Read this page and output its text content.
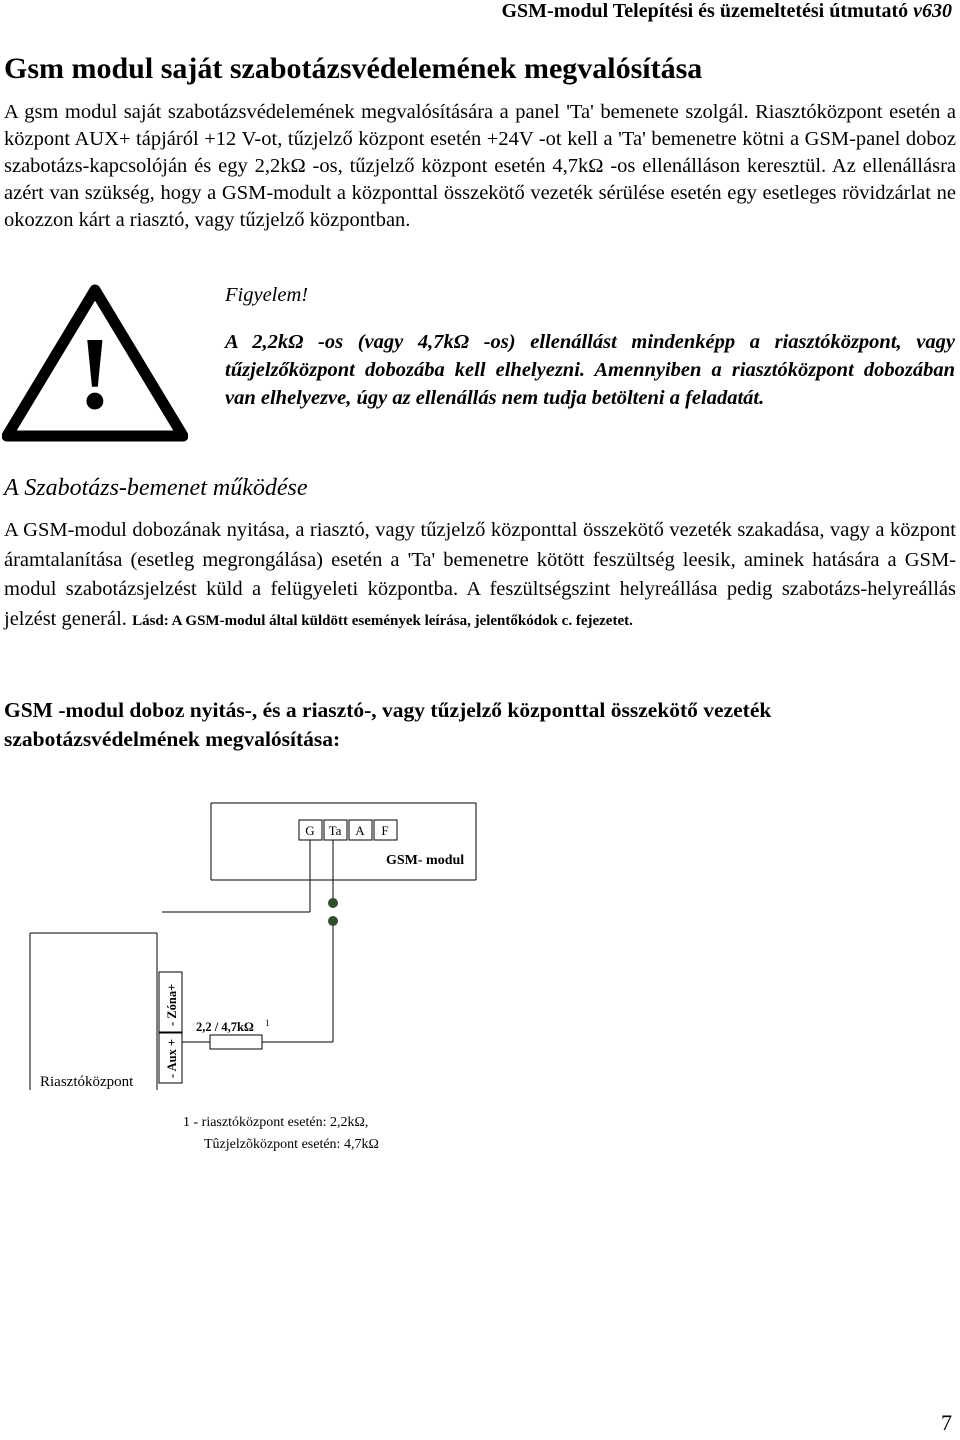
GSM-modul Telepítési és üzemeltetési útmutató v630
Gsm modul saját szabotázsvédelemének megvalósítása
A gsm modul saját szabotázsvédelemének megvalósítására a panel 'Ta' bemenete szolgál. Riasztóközpont esetén a központ AUX+ tápjáról +12 V-ot, tűzjelző központ esetén +24V -ot kell a 'Ta' bemenetre kötni a GSM-panel doboz szabotázs-kapcsolóján és egy 2,2kΩ -os, tűzjelző központ esetén 4,7kΩ -os ellenálláson keresztül. Az ellenállásra azért van szükség, hogy a GSM-modult a központtal összekötő vezeték sérülése esetén egy esetleges rövidzárlat ne okozzon kárt a riasztó, vagy tűzjelző központban.
!
Figyelem!
A 2,2kΩ -os (vagy 4,7kΩ -os) ellenállást mindenképp a riasztóközpont, vagy tűzjelzőközpont dobozába kell elhelyezni. Amennyiben a riasztóközpont dobozában van elhelyezve, úgy az ellenállás nem tudja betölteni a feladatát.
A Szabotázs-bemenet működése
A GSM-modul dobozának nyitása, a riasztó, vagy tűzjelző központtal összekötő vezeték szakadása, vagy a központ áramtalanítása (esetleg megrongálása) esetén a 'Ta' bemenetre kötött feszültség leesik, aminek hatására a GSM-modul szabotázsjelzést küld a felügyeleti központba. A feszültségszint helyreállása pedig szabotázs-helyreállás jelzést generál. Lásd: A GSM-modul által küldött események leírása, jelentőkódok c. fejezetet.
GSM -modul doboz nyitás-, és a riasztó-, vagy tűzjelző központtal összekötő vezeték szabotázsvédelmének megvalósítása:
G Ta A F
GSM- modul
Riasztóközpont
- Zóna+
- Aux +
2,2 / 4,7kΩ 1
1 - riasztóközpont esetén: 2,2kΩ,
Tûzjelzõközpont esetén: 4,7kΩ
7
